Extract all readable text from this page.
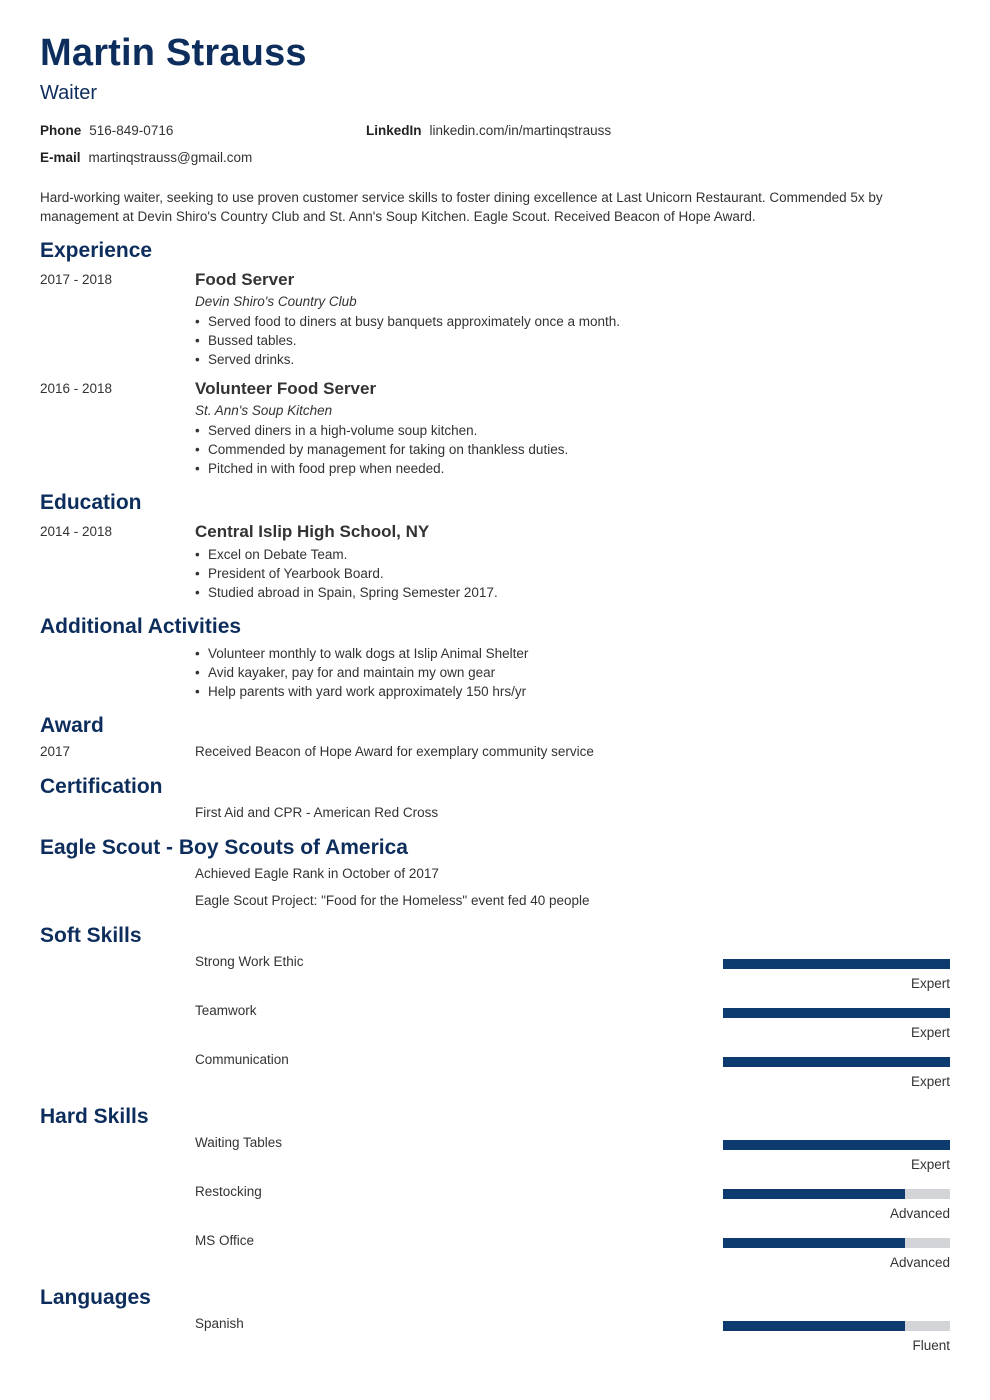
Martin Strauss
Waiter
Phone 516-849-0716	LinkedIn linkedin.com/in/martinqstrauss
E-mail martinqstrauss@gmail.com
Hard-working waiter, seeking to use proven customer service skills to foster dining excellence at Last Unicorn Restaurant. Commended 5x by management at Devin Shiro's Country Club and St. Ann's Soup Kitchen. Eagle Scout. Received Beacon of Hope Award.
Experience
2017 - 2018	Food Server
Devin Shiro's Country Club
• Served food to diners at busy banquets approximately once a month.
• Bussed tables.
• Served drinks.
2016 - 2018	Volunteer Food Server
St. Ann's Soup Kitchen
• Served diners in a high-volume soup kitchen.
• Commended by management for taking on thankless duties.
• Pitched in with food prep when needed.
Education
2014 - 2018	Central Islip High School, NY
• Excel on Debate Team.
• President of Yearbook Board.
• Studied abroad in Spain, Spring Semester 2017.
Additional Activities
• Volunteer monthly to walk dogs at Islip Animal Shelter
• Avid kayaker, pay for and maintain my own gear
• Help parents with yard work approximately 150 hrs/yr
Award
2017	Received Beacon of Hope Award for exemplary community service
Certification
First Aid and CPR - American Red Cross
Eagle Scout - Boy Scouts of America
Achieved Eagle Rank in October of 2017
Eagle Scout Project: "Food for the Homeless" event fed 40 people
Soft Skills
Strong Work Ethic
Expert
Teamwork
Expert
Communication
Expert
Hard Skills
Waiting Tables
Expert
Restocking
Advanced
MS Office
Advanced
Languages
Spanish
Fluent
